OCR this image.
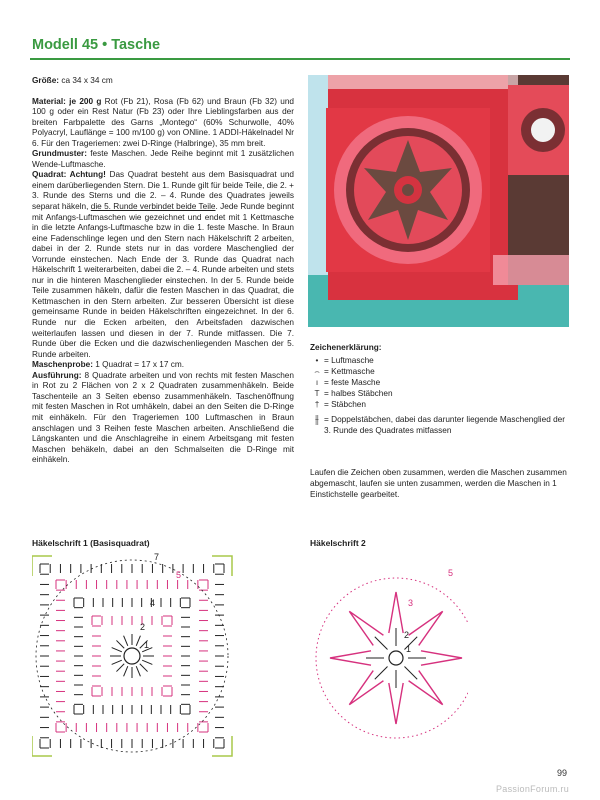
Modell 45 • Tasche

Größe: ca 34 x 34 cm

Material: je 200 g Rot (Fb 21), Rosa (Fb 62) und Braun (Fb 32) und 100 g oder ein Rest Natur (Fb 23) oder Ihre Lieblingsfarben aus der breiten Farbpalette des Garns „Montego“ (60% Schurwolle, 40% Polyacryl, Lauflänge = 100 m/100 g) von ONline. 1 ADDI-Häkelnadel Nr 6. Für den Trageriemen: zwei D-Ringe (Halbringe), 35 mm breit.

Grundmuster: feste Maschen. Jede Reihe beginnt mit 1 zusätzlichen Wende-Luftmasche.

Quadrat: Achtung! Das Quadrat besteht aus dem Basisquadrat und einem darüberliegenden Stern. Die 1. Runde gilt für beide Teile, die 2. + 3. Runde des Sterns und die 2. – 4. Runde des Quadrates jeweils separat häkeln, die 5. Runde verbindet beide Teile. Jede Runde beginnt mit Anfangs-Luftmaschen wie gezeichnet und endet mit 1 Kettmasche in die letzte Anfangs-Luftmasche bzw in die 1. feste Masche. In Braun eine Fadenschlinge legen und den Stern nach Häkelschrift 2 arbeiten, dabei in der 2. Runde stets nur in das vordere Maschenglied der Vorrunde einstechen. Nach Ende der 3. Runde das Quadrat nach Häkelschrift 1 weiterarbeiten, dabei die 2. – 4. Runde arbeiten und stets nur in die hinteren Maschenglieder einstechen. In der 5. Runde beide Teile zusammen häkeln, dafür die festen Maschen in das Quadrat, die Kettmaschen in den Stern arbeiten. Zur besseren Übersicht ist diese gemeinsame Runde in beiden Häkelschriften eingezeichnet. In der 6. Runde nur die Ecken arbeiten, den Arbeitsfaden dazwischen weiterlaufen lassen und diesen in der 7. Runde mitfassen. Die 7. Runde über die Ecken und die dazwischenliegenden Maschen der 5. Runde arbeiten.

Maschenprobe: 1 Quadrat = 17 x 17 cm.

Ausführung: 8 Quadrate arbeiten und von rechts mit festen Maschen in Rot zu 2 Flächen von 2 x 2 Quadraten zusammenhäkeln. Beide Taschenteile an 3 Seiten ebenso zusammenhäkeln. Taschenöffnung mit festen Maschen in Rot umhäkeln, dabei an den Seiten die D-Ringe mit einhäkeln. Für den Trageriemen 100 Luftmaschen in Braun anschlagen und 3 Reihen feste Maschen arbeiten. Anschließend die Längskanten und die Anschlagreihe in einem Arbeitsgang mit festen Maschen behäkeln, dabei an den Schmalseiten die D-Ringe mit einhäkeln.

Zeichenerklärung:
• = Luftmasche
⌢ = Kettmasche
ı = feste Masche
T = halbes Stäbchen
† = Stäbchen
⫲ = Doppelstäbchen, dabei das darunter liegende Maschenglied der 3. Runde des Quadrates mitfassen
Laufen die Zeichen oben zusammen, werden die Maschen zusammen abgemascht, laufen sie unten zusammen, werden die Maschen in 1 Einstichstelle gearbeitet.
Häkelschrift 1 (Basisquadrat)	Häkelschrift 2
1
2
4
5
7
1
2
3
5
99
PassionForum.ru
